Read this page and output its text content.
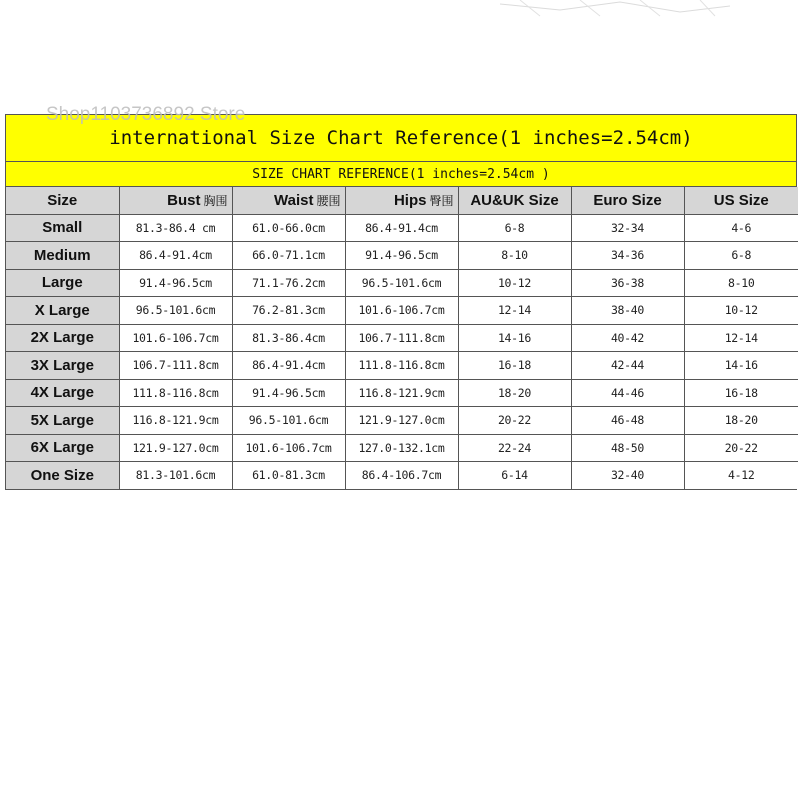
Shop1103736892 Store
international Size Chart Reference(1 inches=2.54cm)
SIZE CHART REFERENCE(1 inches=2.54cm )
Size	Bust 胸围	Waist 腰围	Hips 臀围	AU&UK Size	Euro Size	US Size
Small	81.3-86.4 cm	61.0-66.0cm	86.4-91.4cm	6-8	32-34	4-6
Medium	86.4-91.4cm	66.0-71.1cm	91.4-96.5cm	8-10	34-36	6-8
Large	91.4-96.5cm	71.1-76.2cm	96.5-101.6cm	10-12	36-38	8-10
X Large	96.5-101.6cm	76.2-81.3cm	101.6-106.7cm	12-14	38-40	10-12
2X Large	101.6-106.7cm	81.3-86.4cm	106.7-111.8cm	14-16	40-42	12-14
3X Large	106.7-111.8cm	86.4-91.4cm	111.8-116.8cm	16-18	42-44	14-16
4X Large	111.8-116.8cm	91.4-96.5cm	116.8-121.9cm	18-20	44-46	16-18
5X Large	116.8-121.9cm	96.5-101.6cm	121.9-127.0cm	20-22	46-48	18-20
6X Large	121.9-127.0cm	101.6-106.7cm	127.0-132.1cm	22-24	48-50	20-22
One Size	81.3-101.6cm	61.0-81.3cm	86.4-106.7cm	6-14	32-40	4-12
